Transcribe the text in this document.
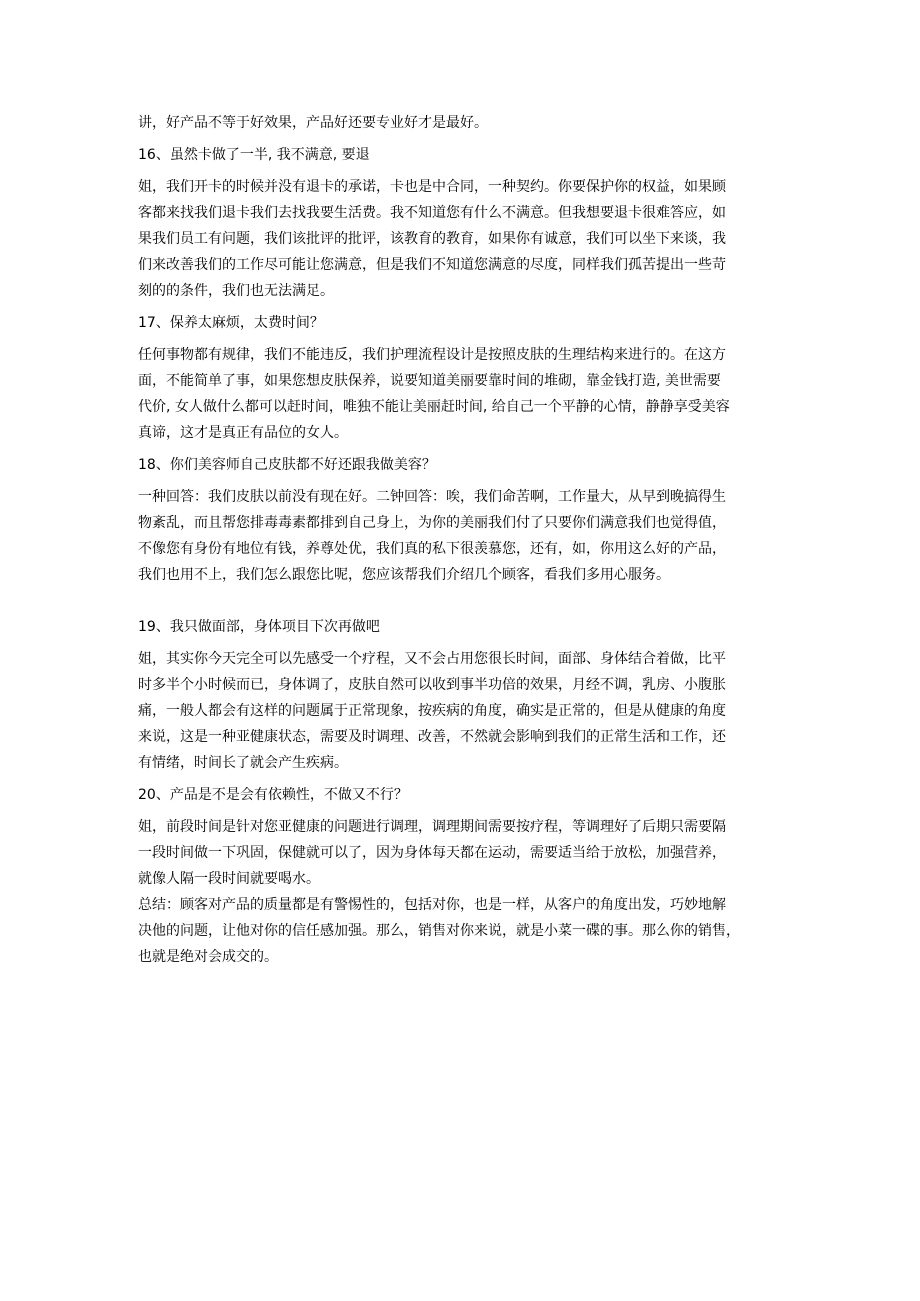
讲，好产品不等于好效果，产品好还要专业好才是最好。

16、虽然卡做了一半, 我不满意, 要退

姐，我们开卡的时候并没有退卡的承诺，卡也是中合同，一种契约。你要保护你的权益，如果顾

客都来找我们退卡我们去找我要生活费。我不知道您有什么不满意。但我想要退卡很难答应，如

果我们员工有问题，我们该批评的批评，该教育的教育，如果你有诚意，我们可以坐下来谈，我

们来改善我们的工作尽可能让您满意，但是我们不知道您满意的尽度，同样我们孤苦提出一些苛

刻的的条件，我们也无法满足。

17、保养太麻烦，太费时间？

任何事物都有规律，我们不能违反，我们护理流程设计是按照皮肤的生理结构来进行的。在这方

面，不能简单了事，如果您想皮肤保养，说要知道美丽要靠时间的堆砌，靠金钱打造, 美世需要

代价, 女人做什么都可以赶时间，唯独不能让美丽赶时间, 给自己一个平静的心情，静静享受美容

真谛，这才是真正有品位的女人。

18、你们美容师自己皮肤都不好还跟我做美容？

一种回答：我们皮肤以前没有现在好。二钟回答：唉，我们命苦啊，工作量大，从早到晚搞得生

物紊乱，而且帮您排毒毒素都排到自己身上，为你的美丽我们付了只要你们满意我们也觉得值，

不像您有身份有地位有钱，养尊处优，我们真的私下很羡慕您，还有，如，你用这么好的产品，

我们也用不上，我们怎么跟您比呢，您应该帮我们介绍几个顾客，看我们多用心服务。

19、我只做面部，身体项目下次再做吧

姐，其实你今天完全可以先感受一个疗程，又不会占用您很长时间，面部、身体结合着做，比平

时多半个小时候而已，身体调了，皮肤自然可以收到事半功倍的效果，月经不调，乳房、小腹胀

痛，一般人都会有这样的问题属于正常现象，按疾病的角度，确实是正常的，但是从健康的角度

来说，这是一种亚健康状态，需要及时调理、改善，不然就会影响到我们的正常生活和工作，还

有情绪，时间长了就会产生疾病。

20、产品是不是会有依赖性，不做又不行？

姐，前段时间是针对您亚健康的问题进行调理，调理期间需要按疗程，等调理好了后期只需要隔

一段时间做一下巩固，保健就可以了，因为身体每天都在运动，需要适当给于放松，加强营养，

就像人隔一段时间就要喝水。

总结：顾客对产品的质量都是有警惕性的，包括对你，也是一样，从客户的角度出发，巧妙地解

决他的问题，让他对你的信任感加强。那么，销售对你来说，就是小菜一碟的事。那么你的销售，

也就是绝对会成交的。
